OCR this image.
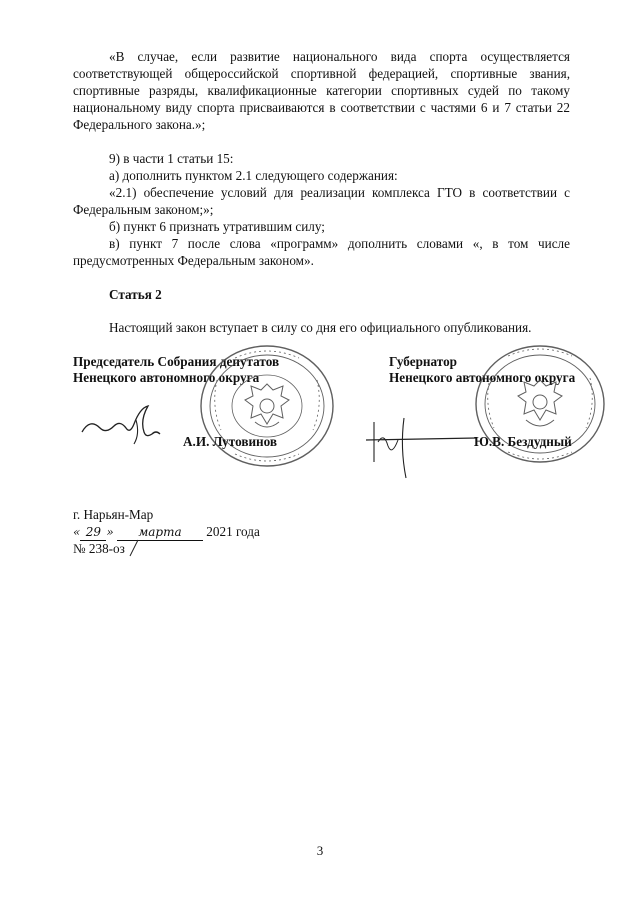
«В случае, если развитие национального вида спорта осуществляется соответствующей общероссийской спортивной федерацией, спортивные звания, спортивные разряды, квалификационные категории спортивных судей по такому национальному виду спорта присваиваются в соответствии с частями 6 и 7 статьи 22 Федерального закона.»;

9) в части 1 статьи 15:

а) дополнить пунктом 2.1 следующего содержания:

«2.1) обеспечение условий для реализации комплекса ГТО в соответствии с Федеральным законом;»;

б) пункт 6 признать утратившим силу;

в) пункт 7 после слова «программ» дополнить словами «, в том числе предусмотренных Федеральным законом».

Статья 2

Настоящий закон вступает в силу со дня его официального опубликования.

Председатель Собрания депутатов
Ненецкого автономного округа

А.И. Лутовинов

Губернатор
Ненецкого автономного округа

Ю.В. Бездудный

г. Нарьян-Мар

« 29 » марта 2021 года

№ 238-оз

3
